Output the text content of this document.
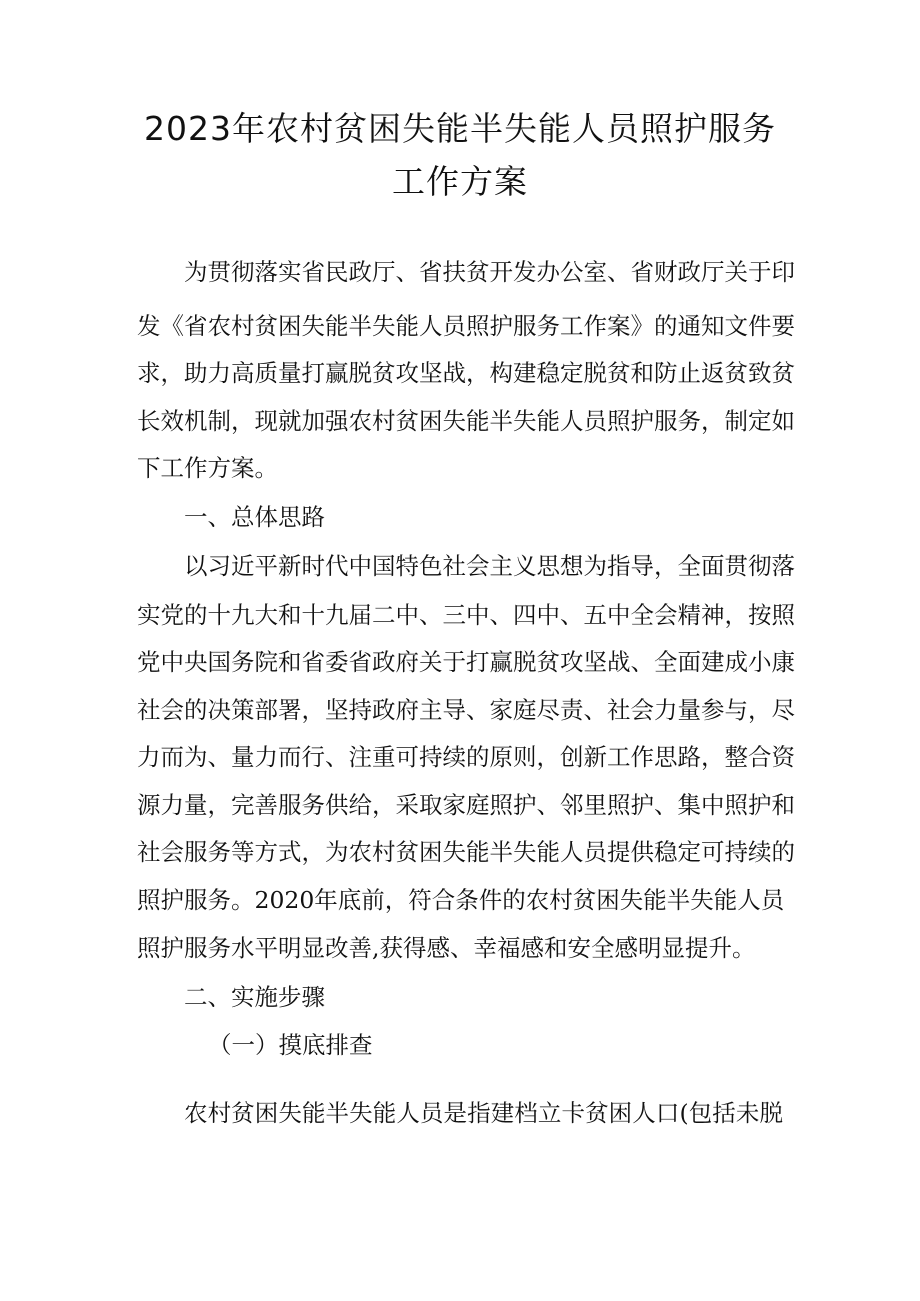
2023年农村贫困失能半失能人员照护服务
工作方案

为贯彻落实省民政厅、省扶贫开发办公室、省财政厅关于印

发《省农村贫困失能半失能人员照护服务工作案》的通知文件要

求，助力高质量打赢脱贫攻坚战，构建稳定脱贫和防止返贫致贫

长效机制，现就加强农村贫困失能半失能人员照护服务，制定如

下工作方案。

一、总体思路

以习近平新时代中国特色社会主义思想为指导，全面贯彻落

实党的十九大和十九届二中、三中、四中、五中全会精神，按照

党中央国务院和省委省政府关于打赢脱贫攻坚战、全面建成小康

社会的决策部署，坚持政府主导、家庭尽责、社会力量参与，尽

力而为、量力而行、注重可持续的原则，创新工作思路，整合资

源力量，完善服务供给，采取家庭照护、邻里照护、集中照护和

社会服务等方式，为农村贫困失能半失能人员提供稳定可持续的

照护服务。2020年底前，符合条件的农村贫困失能半失能人员

照护服务水平明显改善,获得感、幸福感和安全感明显提升。

二、实施步骤

（一）摸底排查

农村贫困失能半失能人员是指建档立卡贫困人口(包括未脱
